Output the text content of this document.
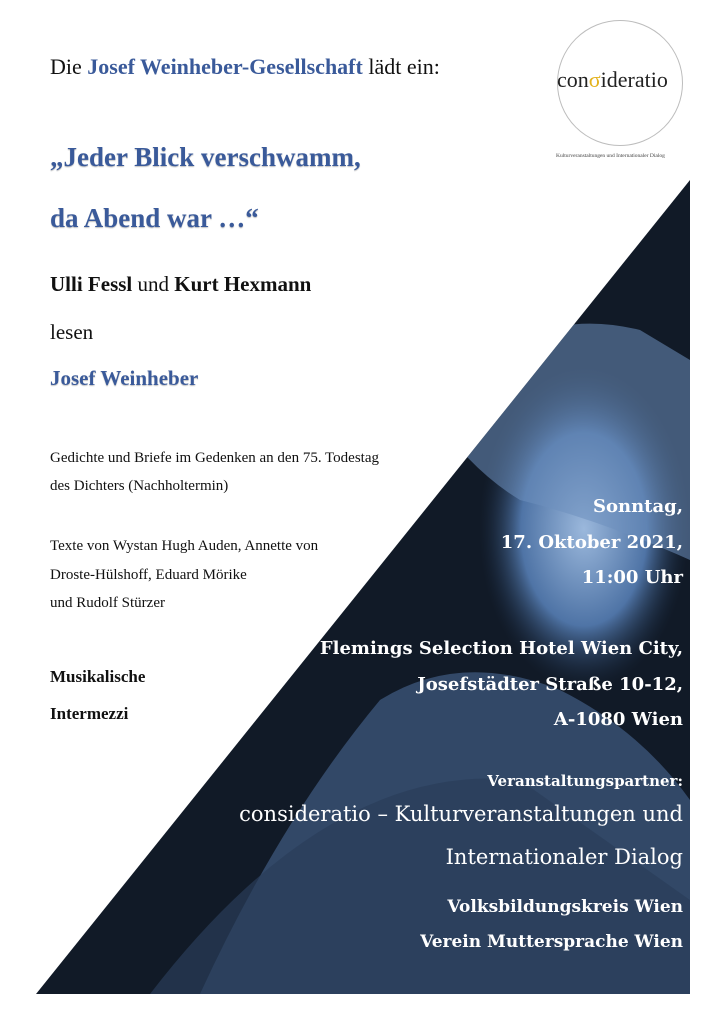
Die Josef Weinheber-Gesellschaft lädt ein:
conσideratio
Kulturveranstaltungen und Internationaler Dialog
„Jeder Blick verschwamm,
da Abend war …“
Ulli Fessl und Kurt Hexmann
lesen
Josef Weinheber
Gedichte und Briefe im Gedenken an den 75. Todestag
des Dichters (Nachholtermin)
Texte von Wystan Hugh Auden, Annette von
Droste-Hülshoff, Eduard Mörike
und Rudolf Stürzer
Musikalische
Intermezzi
Sonntag,
17. Oktober 2021,
11:00 Uhr
Flemings Selection Hotel Wien City,
Josefstädter Straße 10-12,
A-1080 Wien
Veranstaltungspartner:
consideratio – Kulturveranstaltungen und
Internationaler Dialog
Volksbildungskreis Wien
Verein Muttersprache Wien
